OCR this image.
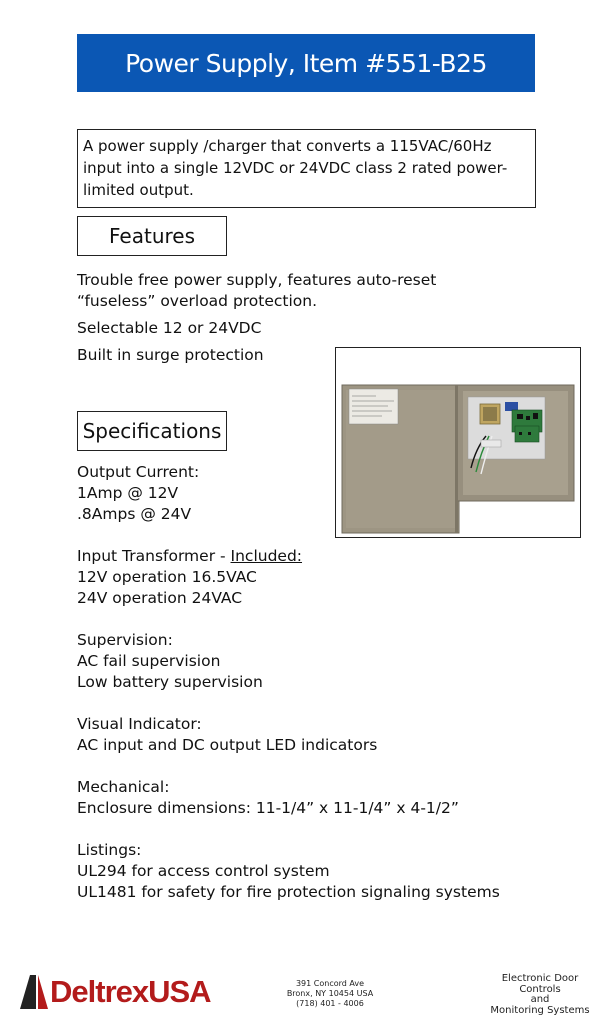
Power Supply, Item #551-B25
A power supply /charger that converts a 115VAC/60Hz input into a single 12VDC or 24VDC class 2 rated power-limited output.
Features
Trouble free power supply, features auto-reset “fuseless” overload protection.
Selectable 12 or 24VDC
Built in surge protection
Specifications
Output Current:
1Amp @ 12V
.8Amps @ 24V
Input Transformer - Included:
12V operation 16.5VAC
24V operation 24VAC
Supervision:
AC fail supervision
Low battery supervision
Visual Indicator:
AC input and DC output LED indicators
Mechanical:
Enclosure dimensions: 11-1/4” x 11-1/4” x 4-1/2”
Listings:
UL294 for access control system
UL1481 for safety for fire protection signaling systems
DeltrexUSA	391 Concord Ave
Bronx, NY 10454 USA
(718) 401 - 4006
Electronic Door Controls
and
Monitoring Systems
